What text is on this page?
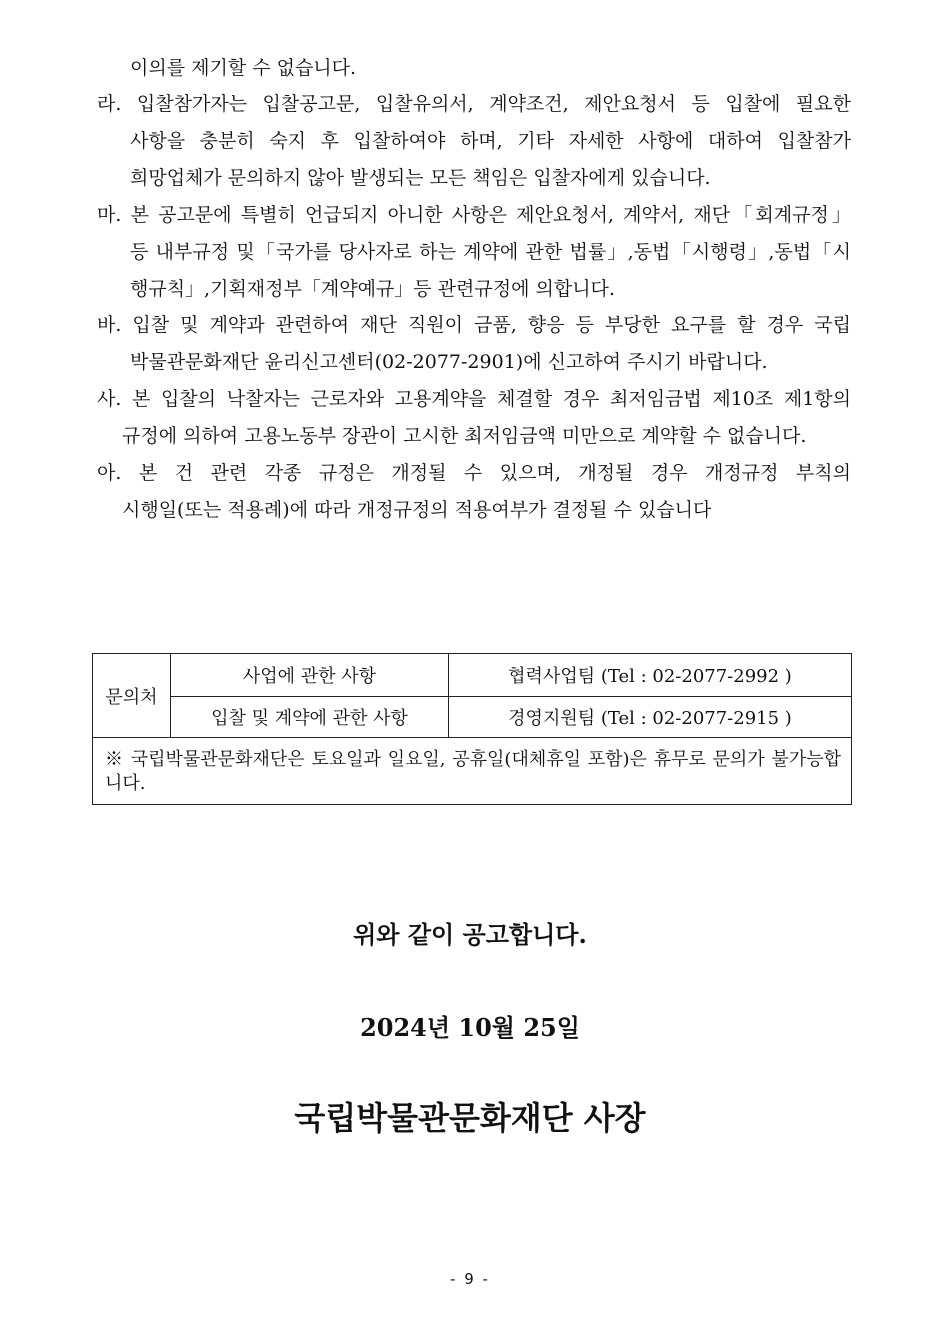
이의를 제기할 수 없습니다.
라. 입찰참가자는 입찰공고문, 입찰유의서, 계약조건, 제안요청서 등 입찰에 필요한
사항을 충분히 숙지 후 입찰하여야 하며, 기타 자세한 사항에 대하여 입찰참가
희망업체가 문의하지 않아 발생되는 모든 책임은 입찰자에게 있습니다.
마. 본 공고문에 특별히 언급되지 아니한 사항은 제안요청서, 계약서, 재단「회계규정」
등 내부규정 및「국가를 당사자로 하는 계약에 관한 법률」,동법「시행령」,동법「시
행규칙」,기획재정부「계약예규」등 관련규정에 의합니다.
바. 입찰 및 계약과 관련하여 재단 직원이 금품, 향응 등 부당한 요구를 할 경우 국립
박물관문화재단 윤리신고센터(02-2077-2901)에 신고하여 주시기 바랍니다.
사. 본 입찰의 낙찰자는 근로자와 고용계약을 체결할 경우 최저임금법 제10조 제1항의
규정에 의하여 고용노동부 장관이 고시한 최저임금액 미만으로 계약할 수 없습니다.
아. 본 건 관련 각종 규정은 개정될 수 있으며, 개정될 경우 개정규정 부칙의
시행일(또는 적용례)에 따라 개정규정의 적용여부가 결정될 수 있습니다
문의처	사업에 관한 사항	협력사업팀 (Tel : 02-2077-2992 )
	입찰 및 계약에 관한 사항	경영지원팀 (Tel : 02-2077-2915 )
※ 국립박물관문화재단은 토요일과 일요일, 공휴일(대체휴일 포함)은 휴무로 문의가 불가능합니다.		
위와 같이 공고합니다.
2024년 10월 25일
국립박물관문화재단 사장
- 9 -
